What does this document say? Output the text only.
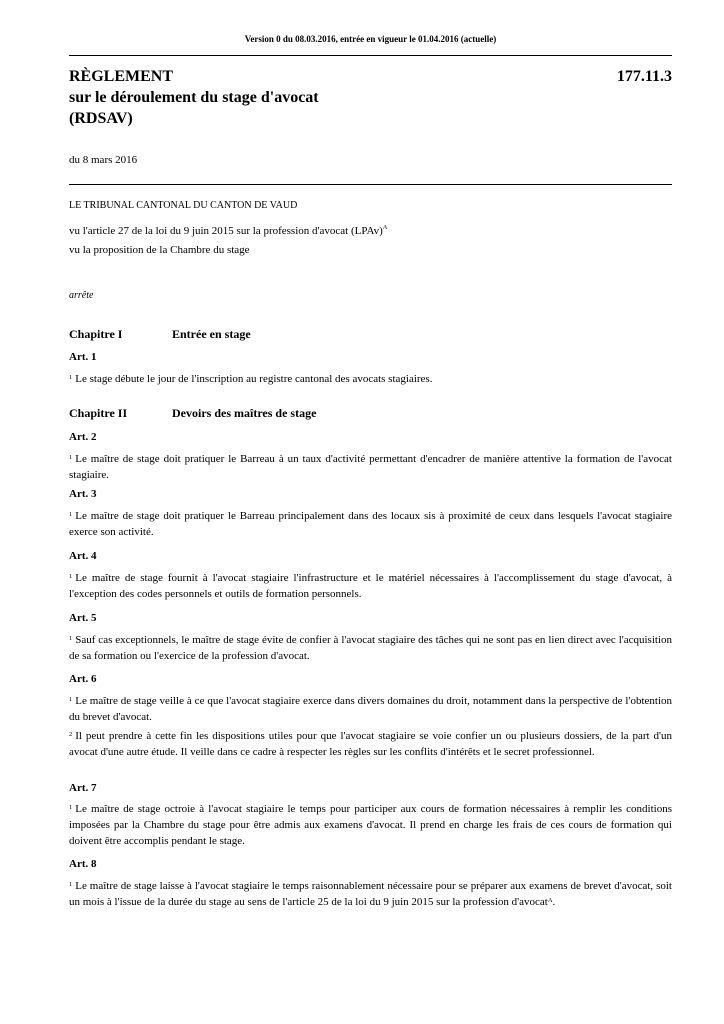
Version 0 du 08.03.2016, entrée en vigueur le 01.04.2016 (actuelle)
RÈGLEMENT
sur le déroulement du stage d'avocat
(RDSAV)
177.11.3
du 8 mars 2016
LE TRIBUNAL CANTONAL DU CANTON DE VAUD
vu l'article 27 de la loi du 9 juin 2015 sur la profession d'avocat (LPAv)$^A$
vu la proposition de la Chambre du stage
arrête
Chapitre I	Entrée en stage
Art. 1
$^1$ Le stage débute le jour de l'inscription au registre cantonal des avocats stagiaires.
Chapitre II	Devoirs des maîtres de stage
Art. 2
$^1$ Le maître de stage doit pratiquer le Barreau à un taux d'activité permettant d'encadrer de manière attentive la formation de l'avocat stagiaire.
Art. 3
$^1$ Le maître de stage doit pratiquer le Barreau principalement dans des locaux sis à proximité de ceux dans lesquels l'avocat stagiaire exerce son activité.
Art. 4
$^1$ Le maître de stage fournit à l'avocat stagiaire l'infrastructure et le matériel nécessaires à l'accomplissement du stage d'avocat, à l'exception des codes personnels et outils de formation personnels.
Art. 5
$^1$ Sauf cas exceptionnels, le maître de stage évite de confier à l'avocat stagiaire des tâches qui ne sont pas en lien direct avec l'acquisition de sa formation ou l'exercice de la profession d'avocat.
Art. 6
$^1$ Le maître de stage veille à ce que l'avocat stagiaire exerce dans divers domaines du droit, notamment dans la perspective de l'obtention du brevet d'avocat.
$^2$ Il peut prendre à cette fin les dispositions utiles pour que l'avocat stagiaire se voie confier un ou plusieurs dossiers, de la part d'un avocat d'une autre étude. Il veille dans ce cadre à respecter les règles sur les conflits d'intérêts et le secret professionnel.
Art. 7
$^1$ Le maître de stage octroie à l'avocat stagiaire le temps pour participer aux cours de formation nécessaires à remplir les conditions imposées par la Chambre du stage pour être admis aux examens d'avocat. Il prend en charge les frais de ces cours de formation qui doivent être accomplis pendant le stage.
Art. 8
$^1$ Le maître de stage laisse à l'avocat stagiaire le temps raisonnablement nécessaire pour se préparer aux examens de brevet d'avocat, soit un mois à l'issue de la durée du stage au sens de l'article 25 de la loi du 9 juin 2015 sur la profession d'avocat$^A$.
